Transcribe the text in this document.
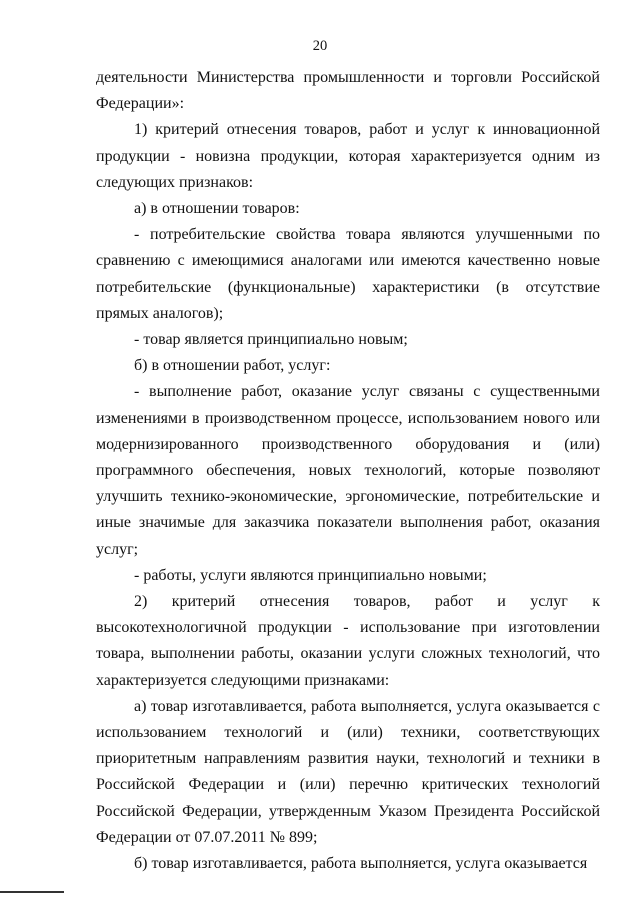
20

деятельности Министерства промышленности и торговли Российской Федерации»:

1) критерий отнесения товаров, работ и услуг к инновационной продукции - новизна продукции, которая характеризуется одним из следующих признаков:

а) в отношении товаров:

- потребительские свойства товара являются улучшенными по сравнению с имеющимися аналогами или имеются качественно новые потребительские (функциональные) характеристики (в отсутствие прямых аналогов);

- товар является принципиально новым;

б) в отношении работ, услуг:

- выполнение работ, оказание услуг связаны с существенными изменениями в производственном процессе, использованием нового или модернизированного производственного оборудования и (или) программного обеспечения, новых технологий, которые позволяют улучшить технико-экономические, эргономические, потребительские и иные значимые для заказчика показатели выполнения работ, оказания услуг;

- работы, услуги являются принципиально новыми;

2) критерий отнесения товаров, работ и услуг к высокотехнологичной продукции - использование при изготовлении товара, выполнении работы, оказании услуги сложных технологий, что характеризуется следующими признаками:

а) товар изготавливается, работа выполняется, услуга оказывается с использованием технологий и (или) техники, соответствующих приоритетным направлениям развития науки, технологий и техники в Российской Федерации и (или) перечню критических технологий Российской Федерации, утвержденным Указом Президента Российской Федерации от 07.07.2011 № 899;

б) товар изготавливается, работа выполняется, услуга оказывается
